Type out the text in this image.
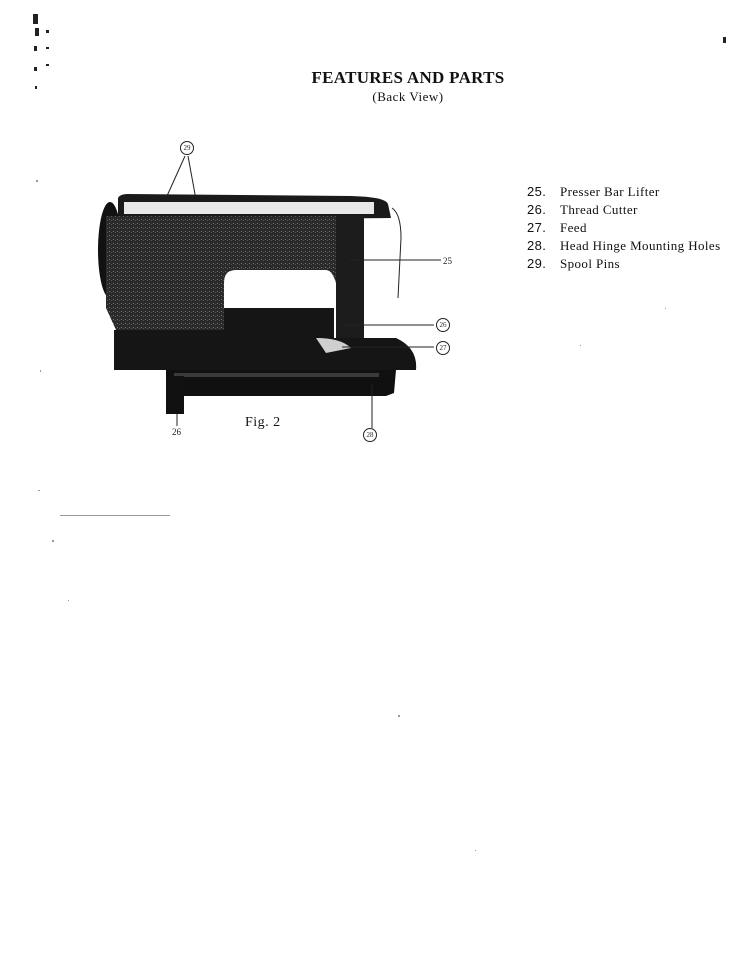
FEATURES AND PARTS
(Back View)
29
25
26
27
26	28
Fig. 2
25.	Presser Bar Lifter
26.	Thread Cutter
27.	Feed
28.	Head Hinge Mounting Holes
29.	Spool Pins
